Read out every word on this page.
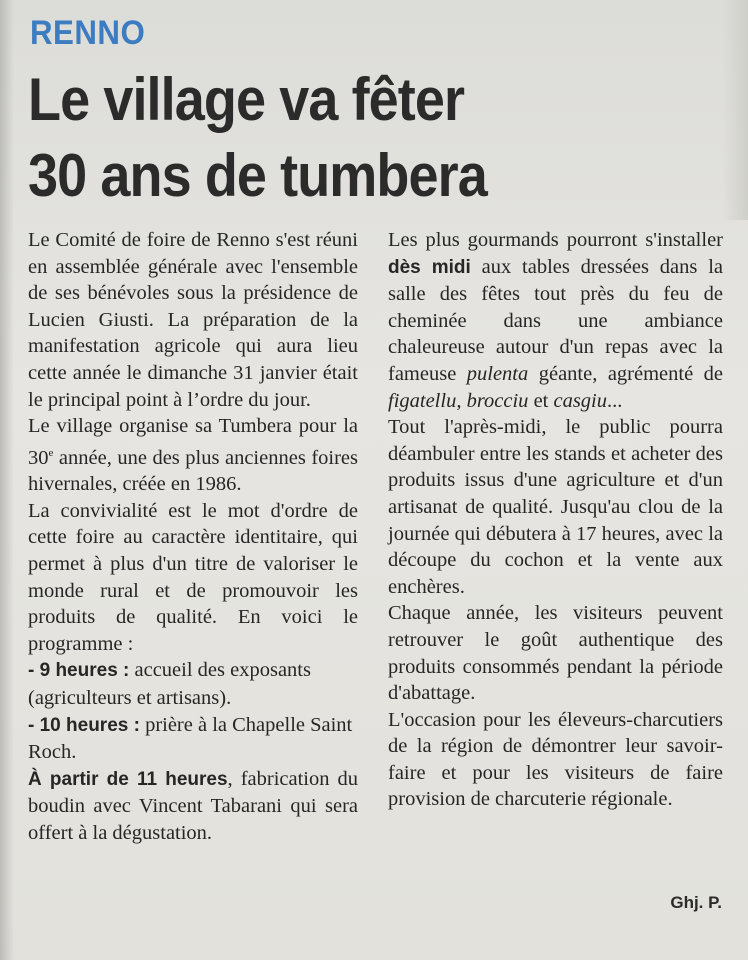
RENNO
Le village va fêter
30 ans de tumbera

Le Comité de foire de Renno s'est réuni en assemblée générale avec l'ensemble de ses bénévoles sous la présidence de Lucien Giusti. La préparation de la manifestation agricole qui aura lieu cette année le dimanche 31 janvier était le principal point à l’ordre du jour.

Le village organise sa Tumbera pour la 30e année, une des plus anciennes foires hivernales, créée en 1986.

La convivialité est le mot d'ordre de cette foire au caractère identitaire, qui permet à plus d'un titre de valoriser le monde rural et de promouvoir les produits de qualité. En voici le programme :

- 9 heures : accueil des exposants (agriculteurs et artisans).

- 10 heures : prière à la Chapelle Saint Roch.

À partir de 11 heures, fabrication du boudin avec Vincent Tabarani qui sera offert à la dégustation.

Les plus gourmands pourront s'installer dès midi aux tables dressées dans la salle des fêtes tout près du feu de cheminée dans une ambiance chaleureuse autour d'un repas avec la fameuse pulenta géante, agrémenté de figatellu, brocciu et casgiu...

Tout l'après-midi, le public pourra déambuler entre les stands et acheter des produits issus d'une agriculture et d'un artisanat de qualité. Jusqu'au clou de la journée qui débutera à 17 heures, avec la découpe du cochon et la vente aux enchères.

Chaque année, les visiteurs peuvent retrouver le goût authentique des produits consommés pendant la période d'abattage.

L'occasion pour les éleveurs-charcutiers de la région de démontrer leur savoir-faire et pour les visiteurs de faire provision de charcuterie régionale.

Ghj. P.
